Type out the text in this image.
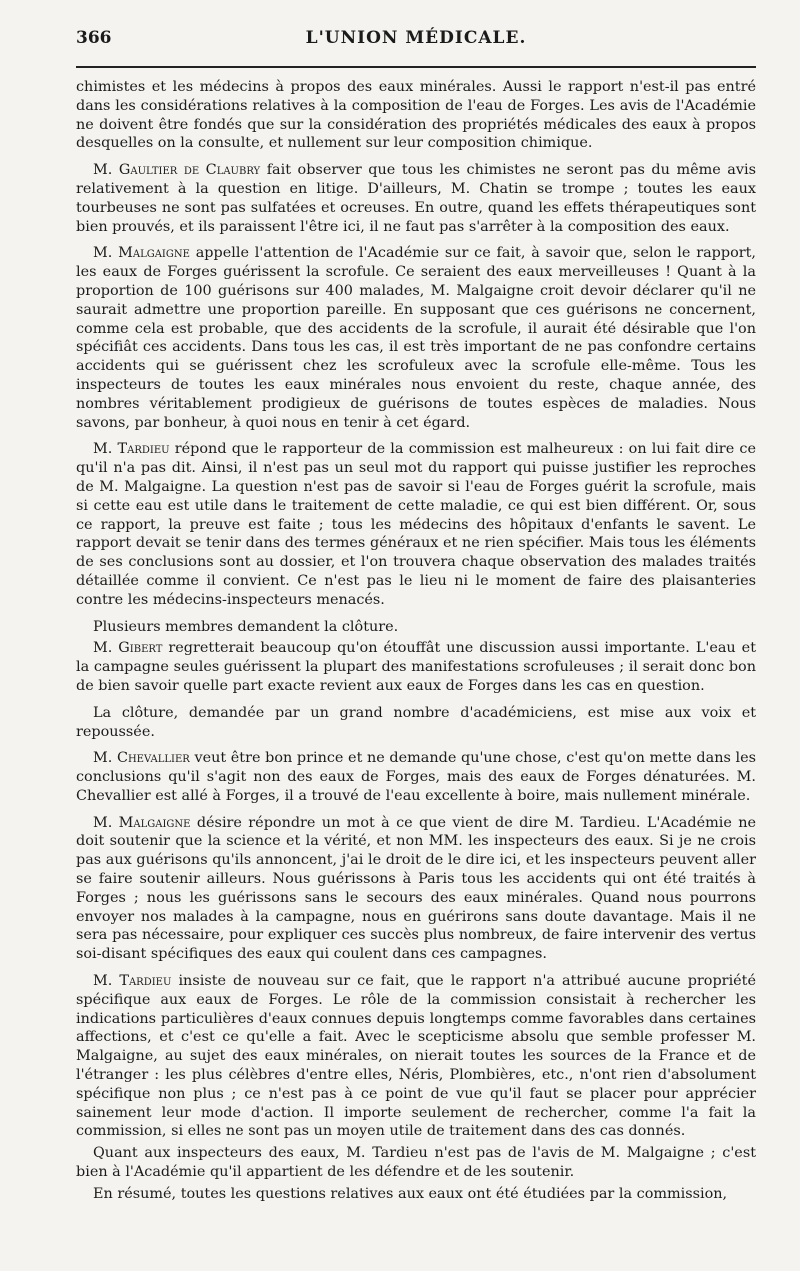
366	L'UNION MÉDICALE.

chimistes et les médecins à propos des eaux minérales. Aussi le rapport n'est-il pas entré dans les considérations relatives à la composition de l'eau de Forges. Les avis de l'Académie ne doivent être fondés que sur la considération des propriétés médicales des eaux à propos desquelles on la consulte, et nullement sur leur composition chimique.

M. Gaultier de Claubry fait observer que tous les chimistes ne seront pas du même avis relativement à la question en litige. D'ailleurs, M. Chatin se trompe ; toutes les eaux tourbeuses ne sont pas sulfatées et ocreuses. En outre, quand les effets thérapeutiques sont bien prouvés, et ils paraissent l'être ici, il ne faut pas s'arrêter à la composition des eaux.

M. Malgaigne appelle l'attention de l'Académie sur ce fait, à savoir que, selon le rapport, les eaux de Forges guérissent la scrofule. Ce seraient des eaux merveilleuses ! Quant à la proportion de 100 guérisons sur 400 malades, M. Malgaigne croit devoir déclarer qu'il ne saurait admettre une proportion pareille. En supposant que ces guérisons ne concernent, comme cela est probable, que des accidents de la scrofule, il aurait été désirable que l'on spécifiât ces accidents. Dans tous les cas, il est très important de ne pas confondre certains accidents qui se guérissent chez les scrofuleux avec la scrofule elle-même. Tous les inspecteurs de toutes les eaux minérales nous envoient du reste, chaque année, des nombres véritablement prodigieux de guérisons de toutes espèces de maladies. Nous savons, par bonheur, à quoi nous en tenir à cet égard.

M. Tardieu répond que le rapporteur de la commission est malheureux : on lui fait dire ce qu'il n'a pas dit. Ainsi, il n'est pas un seul mot du rapport qui puisse justifier les reproches de M. Malgaigne. La question n'est pas de savoir si l'eau de Forges guérit la scrofule, mais si cette eau est utile dans le traitement de cette maladie, ce qui est bien différent. Or, sous ce rapport, la preuve est faite ; tous les médecins des hôpitaux d'enfants le savent. Le rapport devait se tenir dans des termes généraux et ne rien spécifier. Mais tous les éléments de ses conclusions sont au dossier, et l'on trouvera chaque observation des malades traités détaillée comme il convient. Ce n'est pas le lieu ni le moment de faire des plaisanteries contre les médecins-inspecteurs menacés.

Plusieurs membres demandent la clôture.

M. Gibert regretterait beaucoup qu'on étouffât une discussion aussi importante. L'eau et la campagne seules guérissent la plupart des manifestations scrofuleuses ; il serait donc bon de bien savoir quelle part exacte revient aux eaux de Forges dans les cas en question.

La clôture, demandée par un grand nombre d'académiciens, est mise aux voix et repoussée.

M. Chevallier veut être bon prince et ne demande qu'une chose, c'est qu'on mette dans les conclusions qu'il s'agit non des eaux de Forges, mais des eaux de Forges dénaturées. M. Chevallier est allé à Forges, il a trouvé de l'eau excellente à boire, mais nullement minérale.

M. Malgaigne désire répondre un mot à ce que vient de dire M. Tardieu. L'Académie ne doit soutenir que la science et la vérité, et non MM. les inspecteurs des eaux. Si je ne crois pas aux guérisons qu'ils annoncent, j'ai le droit de le dire ici, et les inspecteurs peuvent aller se faire soutenir ailleurs. Nous guérissons à Paris tous les accidents qui ont été traités à Forges ; nous les guérissons sans le secours des eaux minérales. Quand nous pourrons envoyer nos malades à la campagne, nous en guérirons sans doute davantage. Mais il ne sera pas nécessaire, pour expliquer ces succès plus nombreux, de faire intervenir des vertus soi-disant spécifiques des eaux qui coulent dans ces campagnes.

M. Tardieu insiste de nouveau sur ce fait, que le rapport n'a attribué aucune propriété spécifique aux eaux de Forges. Le rôle de la commission consistait à rechercher les indications particulières d'eaux connues depuis longtemps comme favorables dans certaines affections, et c'est ce qu'elle a fait. Avec le scepticisme absolu que semble professer M. Malgaigne, au sujet des eaux minérales, on nierait toutes les sources de la France et de l'étranger : les plus célèbres d'entre elles, Néris, Plombières, etc., n'ont rien d'absolument spécifique non plus ; ce n'est pas à ce point de vue qu'il faut se placer pour apprécier sainement leur mode d'action. Il importe seulement de rechercher, comme l'a fait la commission, si elles ne sont pas un moyen utile de traitement dans des cas donnés.

Quant aux inspecteurs des eaux, M. Tardieu n'est pas de l'avis de M. Malgaigne ; c'est bien à l'Académie qu'il appartient de les défendre et de les soutenir.

En résumé, toutes les questions relatives aux eaux ont été étudiées par la commission,
